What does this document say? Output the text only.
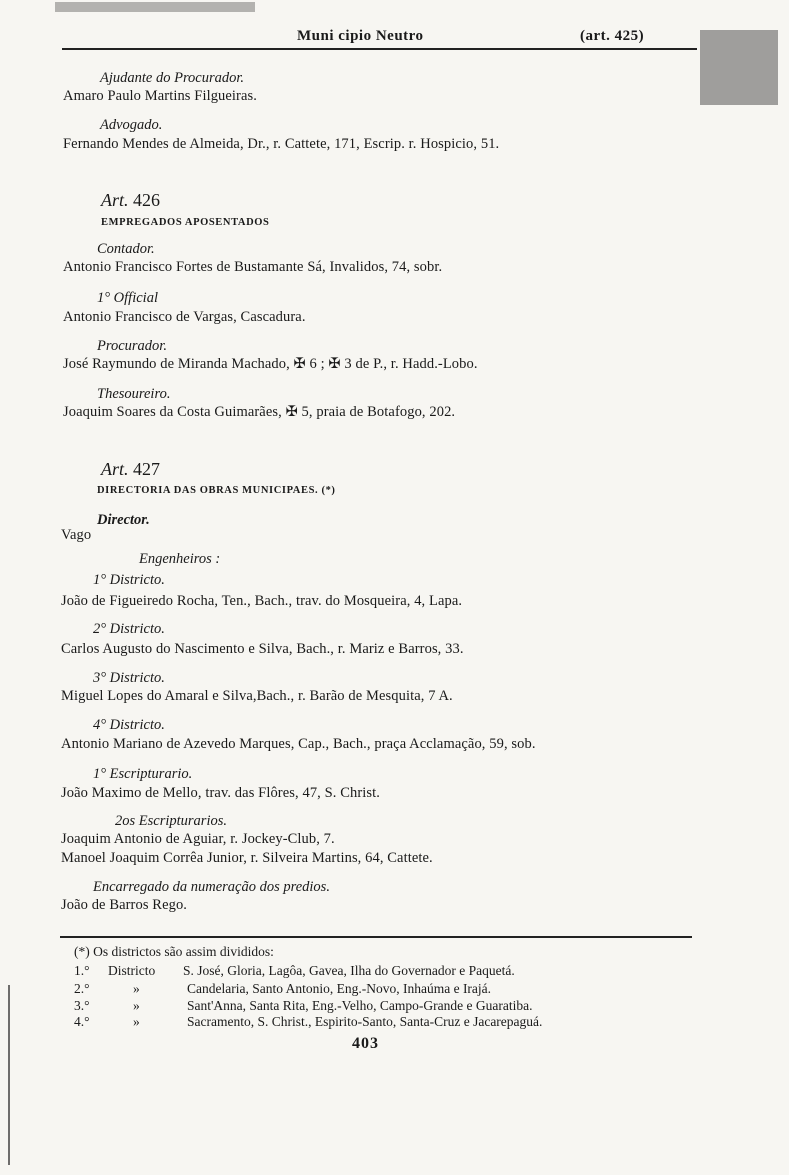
Muni cipio Neutro	(art. 425)
Ajudante do Procurador.
Amaro Paulo Martins Filgueiras.
Advogado.
Fernando Mendes de Almeida, Dr., r. Cattete, 171, Escrip. r. Hospicio, 51.
Art. 426
EMPREGADOS APOSENTADOS
Contador.
Antonio Francisco Fortes de Bustamante Sá, Invalidos, 74, sobr.
1° Official
Antonio Francisco de Vargas, Cascadura.
Procurador.
José Raymundo de Miranda Machado, ✠ 6 ; ✠ 3 de P., r. Hadd.-Lobo.
Thesoureiro.
Joaquim Soares da Costa Guimarães, ✠ 5, praia de Botafogo, 202.
Art. 427
DIRECTORIA DAS OBRAS MUNICIPAES. (*)
Director.
Vago
Engenheiros :
1° Districto.
João de Figueiredo Rocha, Ten., Bach., trav. do Mosqueira, 4, Lapa.
2° Districto.
Carlos Augusto do Nascimento e Silva, Bach., r. Mariz e Barros, 33.
3° Districto.
Miguel Lopes do Amaral e Silva,Bach., r. Barão de Mesquita, 7 A.
4° Districto.
Antonio Mariano de Azevedo Marques, Cap., Bach., praça Acclamação, 59, sob.
1° Escripturario.
João Maximo de Mello, trav. das Flôres, 47, S. Christ.
2os Escripturarios.
Joaquim Antonio de Aguiar, r. Jockey-Club, 7.
Manoel Joaquim Corrêa Junior, r. Silveira Martins, 64, Cattete.
Encarregado da numeração dos predios.
João de Barros Rego.
(*) Os districtos são assim divididos:
1.° Districto S. José, Gloria, Lagôa, Gavea, Ilha do Governador e Paquetá.
2.°	»	Candelaria, Santo Antonio, Eng.-Novo, Inhaúma e Irajá.
3.°	»	Sant'Anna, Santa Rita, Eng.-Velho, Campo-Grande e Guaratiba.
4.°	»	Sacramento, S. Christ., Espirito-Santo, Santa-Cruz e Jacarepaguá.
403
